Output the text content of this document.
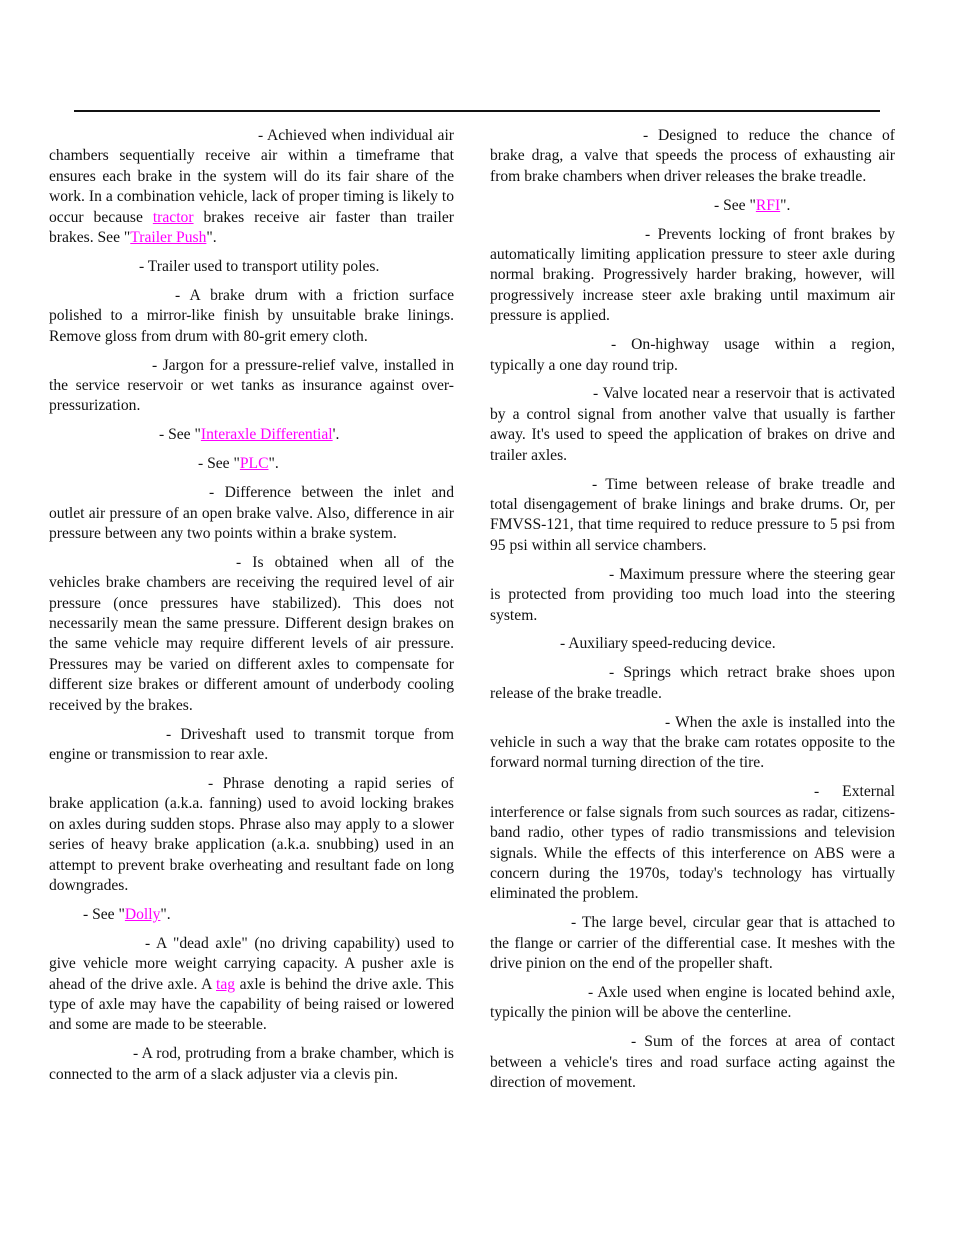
- Achieved when individual air chambers sequentially receive air within a timeframe that ensures each brake in the system will do its fair share of the work. In a combination vehicle, lack of proper timing is likely to occur because tractor brakes receive air faster than trailer brakes. See "Trailer Push".

- Trailer used to transport utility poles.

- A brake drum with a friction surface polished to a mirror-like finish by unsuitable brake linings. Remove gloss from drum with 80-grit emery cloth.

- Jargon for a pressure-relief valve, installed in the service reservoir or wet tanks as insurance against over-pressurization.

- See "Interaxle Differential'.

- See "PLC".

- Difference between the inlet and outlet air pressure of an open brake valve. Also, difference in air pressure between any two points within a brake system.

- Is obtained when all of the vehicles brake chambers are receiving the required level of air pressure (once pressures have stabilized). This does not necessarily mean the same pressure. Different design brakes on the same vehicle may require different levels of air pressure. Pressures may be varied on different axles to compensate for different size brakes or different amount of underbody cooling received by the brakes.

- Driveshaft used to transmit torque from engine or transmission to rear axle.

- Phrase denoting a rapid series of brake application (a.k.a. fanning) used to avoid locking brakes on axles during sudden stops. Phrase also may apply to a slower series of heavy brake application (a.k.a. snubbing) used in an attempt to prevent brake overheating and resultant fade on long downgrades.

- See "Dolly".

- A "dead axle" (no driving capability) used to give vehicle more weight carrying capacity. A pusher axle is ahead of the drive axle. A tag axle is behind the drive axle. This type of axle may have the capability of being raised or lowered and some are made to be steerable.

- A rod, protruding from a brake chamber, which is connected to the arm of a slack adjuster via a clevis pin.

- Designed to reduce the chance of brake drag, a valve that speeds the process of exhausting air from brake chambers when driver releases the brake treadle.

- See "RFI".

- Prevents locking of front brakes by automatically limiting application pressure to steer axle during normal braking. Progressively harder braking, however, will progressively increase steer axle braking until maximum air pressure is applied.

- On-highway usage within a region, typically a one day round trip.

- Valve located near a reservoir that is activated by a control signal from another valve that usually is farther away. It's used to speed the application of brakes on drive and trailer axles.

- Time between release of brake treadle and total disengagement of brake linings and brake drums. Or, per FMVSS-121, that time required to reduce pressure to 5 psi from 95 psi within all service chambers.

- Maximum pressure where the steering gear is protected from providing too much load into the steering system.

- Auxiliary speed-reducing device.

- Springs which retract brake shoes upon release of the brake treadle.

- When the axle is installed into the vehicle in such a way that the brake cam rotates opposite to the forward normal turning direction of the tire.

- External interference or false signals from such sources as radar, citizens-band radio, other types of radio transmissions and television signals. While the effects of this interference on ABS were a concern during the 1970s, today's technology has virtually eliminated the problem.

- The large bevel, circular gear that is attached to the flange or carrier of the differential case. It meshes with the drive pinion on the end of the propeller shaft.

- Axle used when engine is located behind axle, typically the pinion will be above the centerline.

- Sum of the forces at area of contact between a vehicle's tires and road surface acting against the direction of movement.
